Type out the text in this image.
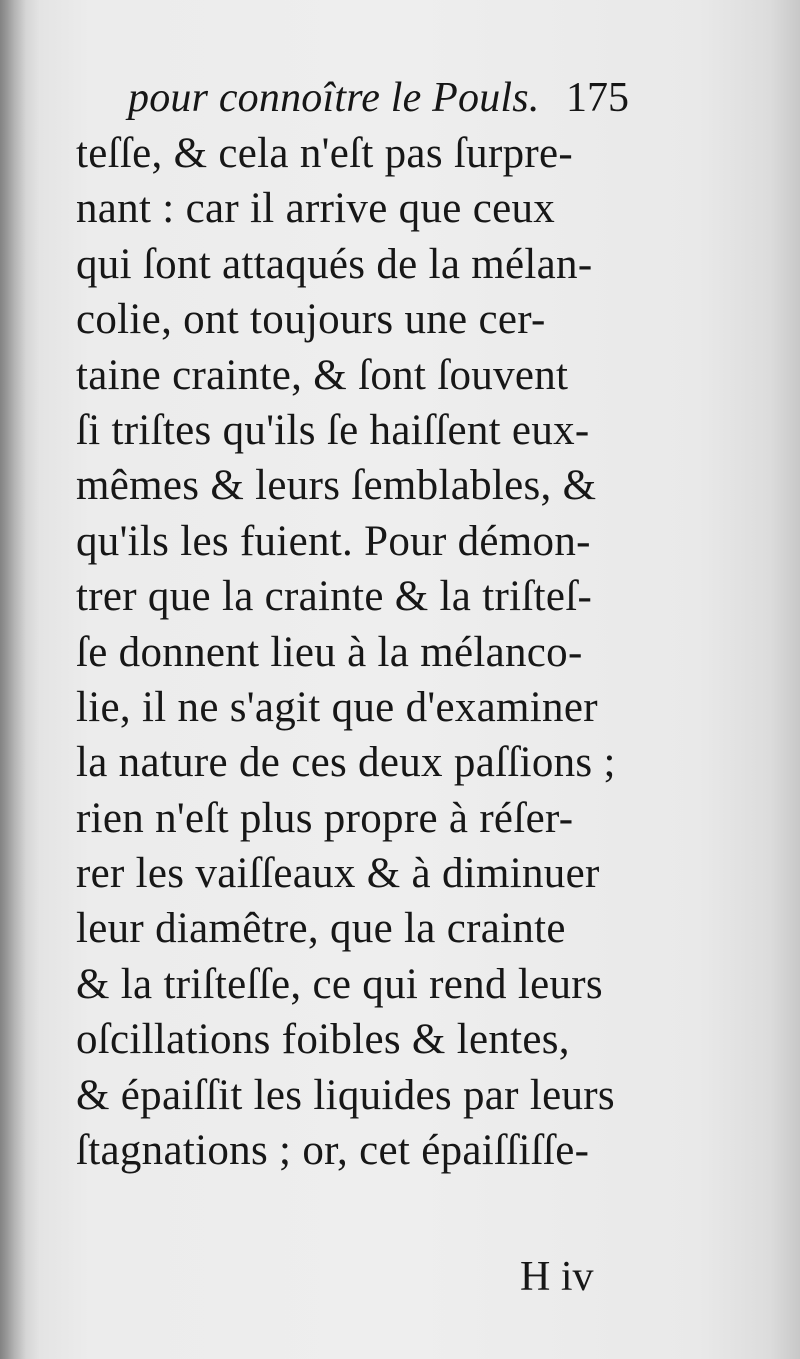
pour connoître le Pouls. 175
teſſe, & cela n'eſt pas ſurpre-
nant : car il arrive que ceux
qui ſont attaqués de la mélan-
colie, ont toujours une cer-
taine crainte, & ſont ſouvent
ſi triſtes qu'ils ſe haiſſent eux-
mêmes & leurs ſemblables, &
qu'ils les fuient. Pour démon-
trer que la crainte & la triſteſ-
ſe donnent lieu à la mélanco-
lie, il ne s'agit que d'examiner
la nature de ces deux paſſions ;
rien n'eſt plus propre à réſer-
rer les vaiſſeaux & à diminuer
leur diamêtre, que la crainte
& la triſteſſe, ce qui rend leurs
oſcillations foibles & lentes,
& épaiſſit les liquides par leurs
ſtagnations ; or, cet épaiſſiſſe-
H iv
